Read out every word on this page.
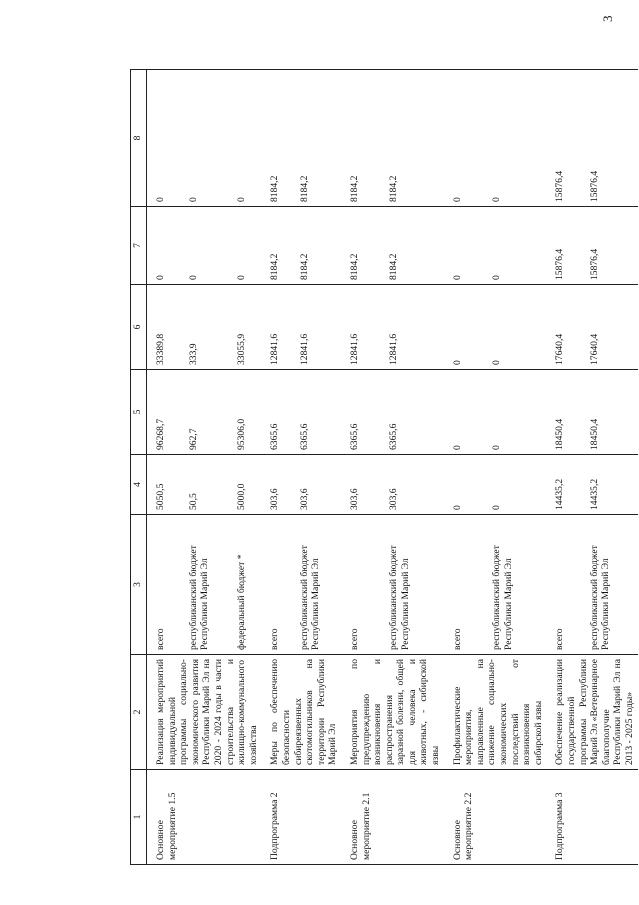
3
1	2	3	4	5	6	7	8
Основное мероприятие 1.5	Реализация мероприятий индивидуальной программы социально-экономического развития Республики Марий Эл на 2020 - 2024 годы в части строительства и жилищно-коммунального хозяйства	всего	5050,5	96268,7	33389,8	0	0
		республиканский бюджет Республики Марий Эл	50,5	962,7	333,9	0	0
		федеральный бюджет *	5000,0	95306,0	33055,9	0	0
Подпрограмма 2	Меры по обеспечению безопасности сибиреязвенных скотомогильников на территории Республики Марий Эл	всего	303,6	6365,6	12841,6	8184,2	8184,2
		республиканский бюджет Республики Марий Эл	303,6	6365,6	12841,6	8184,2	8184,2
Основное мероприятие 2.1	Мероприятия по предупреждению возникновения и распространения заразной болезни, общей для человека и животных, - сибирской язвы	всего	303,6	6365,6	12841,6	8184,2	8184,2
		республиканский бюджет Республики Марий Эл	303,6	6365,6	12841,6	8184,2	8184,2
Основное мероприятие 2.2	Профилактические мероприятия, направленные на снижение социально-экономических последствий от возникновения сибирской язвы	всего	0	0	0	0	0
		республиканский бюджет Республики Марий Эл	0	0	0	0	0
Подпрограмма 3	Обеспечение реализации государственной программы Республики Марий Эл «Ветеринарное благополучие Республики Марий Эл на 2013 - 2025 годы»	всего	14435,2	18450,4	17640,4	15876,4	15876,4
		республиканский бюджет Республики Марий Эл	14435,2	18450,4	17640,4	15876,4	15876,4
